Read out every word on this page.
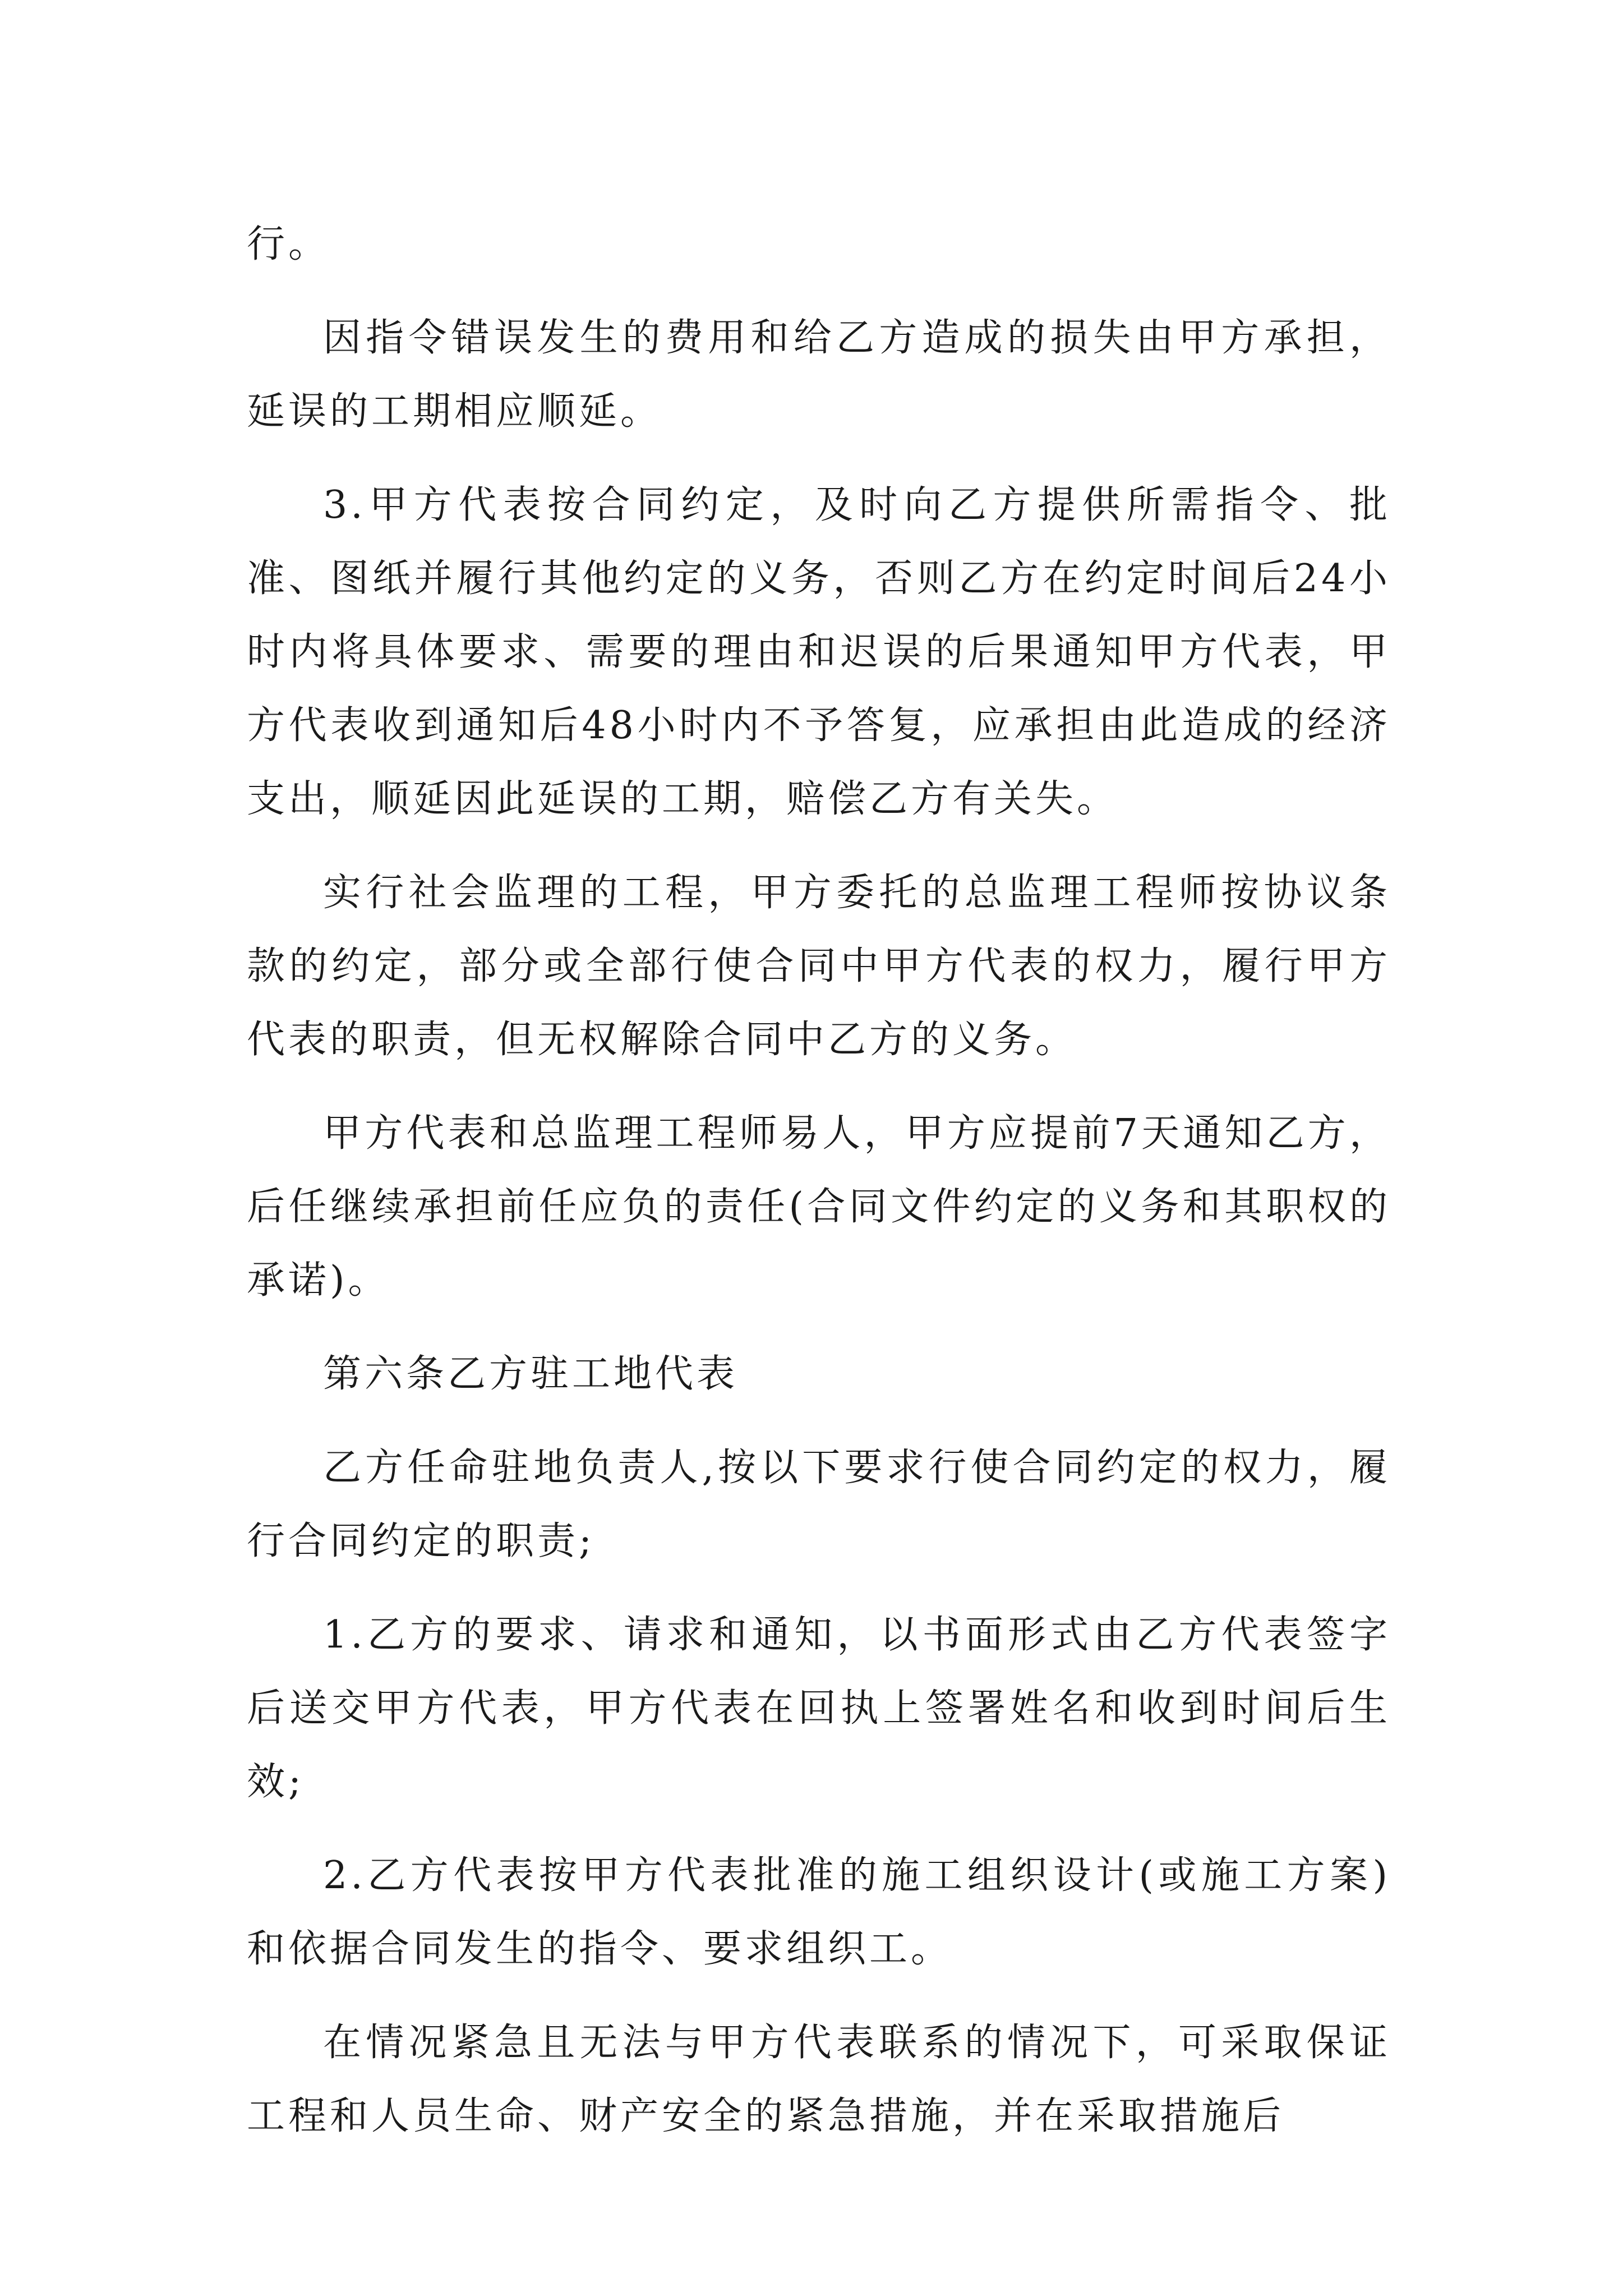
行。

因指令错误发生的费用和给乙方造成的损失由甲方承担，延误的工期相应顺延。

3.甲方代表按合同约定，及时向乙方提供所需指令、批准、图纸并履行其他约定的义务，否则乙方在约定时间后24小时内将具体要求、需要的理由和迟误的后果通知甲方代表，甲方代表收到通知后48小时内不予答复，应承担由此造成的经济支出，顺延因此延误的工期，赔偿乙方有关失。

实行社会监理的工程，甲方委托的总监理工程师按协议条款的约定，部分或全部行使合同中甲方代表的权力，履行甲方代表的职责，但无权解除合同中乙方的义务。

甲方代表和总监理工程师易人，甲方应提前7天通知乙方，后任继续承担前任应负的责任(合同文件约定的义务和其职权的承诺)。

第六条乙方驻工地代表

乙方任命驻地负责人,按以下要求行使合同约定的权力，履行合同约定的职责;

1.乙方的要求、请求和通知，以书面形式由乙方代表签字后送交甲方代表，甲方代表在回执上签署姓名和收到时间后生效;

2.乙方代表按甲方代表批准的施工组织设计(或施工方案)和依据合同发生的指令、要求组织工。

在情况紧急且无法与甲方代表联系的情况下，可采取保证工程和人员生命、财产安全的紧急措施，并在采取措施后
